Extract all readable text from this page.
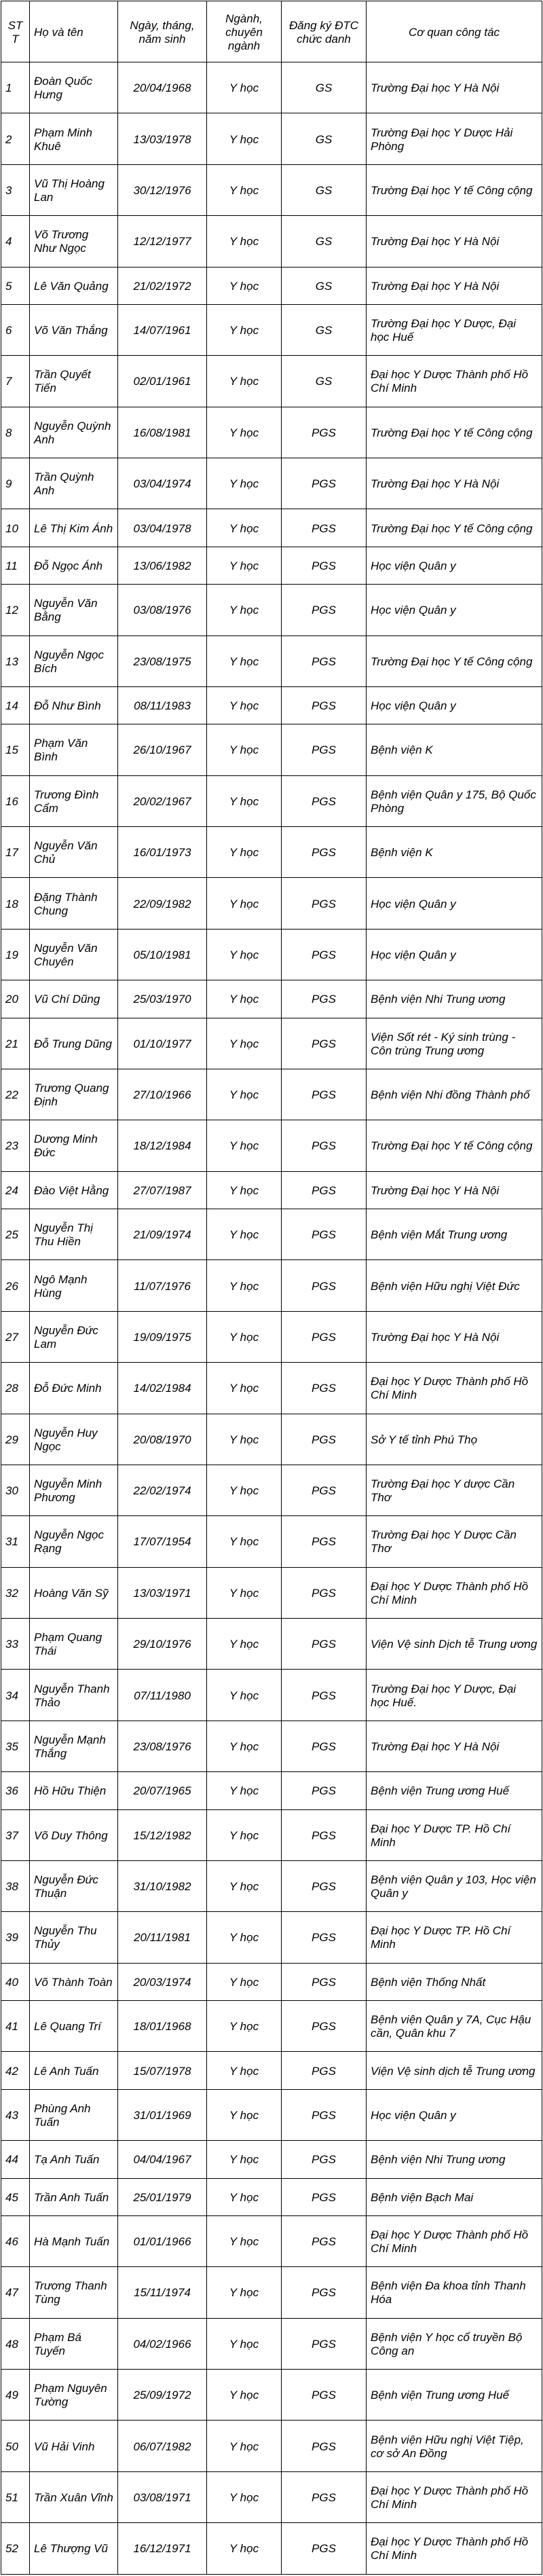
STT	Họ và tên	Ngày, tháng, năm sinh	Ngành, chuyên ngành	Đăng ký ĐTC chức danh	Cơ quan công tác
1	Đoàn Quốc Hưng	20/04/1968	Y học	GS	Trường Đại học Y Hà Nội
2	Phạm Minh Khuê	13/03/1978	Y học	GS	Trường Đại học Y Dược Hải Phòng
3	Vũ Thị Hoàng Lan	30/12/1976	Y học	GS	Trường Đại học Y tế Công cộng
4	Võ Trương Như Ngọc	12/12/1977	Y học	GS	Trường Đại học Y Hà Nội
5	Lê Văn Quảng	21/02/1972	Y học	GS	Trường Đại học Y Hà Nội
6	Võ Văn Thắng	14/07/1961	Y học	GS	Trường Đại học Y Dược, Đại học Huế
7	Trần Quyết Tiến	02/01/1961	Y học	GS	Đại học Y Dược Thành phố Hồ Chí Minh
8	Nguyễn Quỳnh Anh	16/08/1981	Y học	PGS	Trường Đại học Y tế Công cộng
9	Trần Quỳnh Anh	03/04/1974	Y học	PGS	Trường Đại học Y Hà Nội
10	Lê Thị Kim Ánh	03/04/1978	Y học	PGS	Trường Đại học Y tế Công cộng
11	Đỗ Ngọc Ánh	13/06/1982	Y học	PGS	Học viện Quân y
12	Nguyễn Văn Bằng	03/08/1976	Y học	PGS	Học viện Quân y
13	Nguyễn Ngọc Bích	23/08/1975	Y học	PGS	Trường Đại học Y tế Công cộng
14	Đỗ Như Bình	08/11/1983	Y học	PGS	Học viện Quân y
15	Phạm Văn Bình	26/10/1967	Y học	PGS	Bệnh viện K
16	Trương Đình Cẩm	20/02/1967	Y học	PGS	Bệnh viện Quân y 175, Bộ Quốc Phòng
17	Nguyễn Văn Chủ	16/01/1973	Y học	PGS	Bệnh viện K
18	Đặng Thành Chung	22/09/1982	Y học	PGS	Học viện Quân y
19	Nguyễn Văn Chuyên	05/10/1981	Y học	PGS	Học viện Quân y
20	Vũ Chí Dũng	25/03/1970	Y học	PGS	Bệnh viện Nhi Trung ương
21	Đỗ Trung Dũng	01/10/1977	Y học	PGS	Viện Sốt rét - Ký sinh trùng - Côn trùng Trung ương
22	Trương Quang Định	27/10/1966	Y học	PGS	Bệnh viện Nhi đồng Thành phố
23	Dương Minh Đức	18/12/1984	Y học	PGS	Trường Đại học Y tế Công cộng
24	Đào Việt Hằng	27/07/1987	Y học	PGS	Trường Đại học Y Hà Nội
25	Nguyễn Thị Thu Hiền	21/09/1974	Y học	PGS	Bệnh viện Mắt Trung ương
26	Ngô Mạnh Hùng	11/07/1976	Y học	PGS	Bệnh viện Hữu nghị Việt Đức
27	Nguyễn Đức Lam	19/09/1975	Y học	PGS	Trường Đại học Y Hà Nội
28	Đỗ Đức Minh	14/02/1984	Y học	PGS	Đại học Y Dược Thành phố Hồ Chí Minh
29	Nguyễn Huy Ngọc	20/08/1970	Y học	PGS	Sở Y tế tỉnh Phú Thọ
30	Nguyễn Minh Phương	22/02/1974	Y học	PGS	Trường Đại học Y dược Cần Thơ
31	Nguyễn Ngọc Rạng	17/07/1954	Y học	PGS	Trường Đại học Y Dược Cần Thơ
32	Hoàng Văn Sỹ	13/03/1971	Y học	PGS	Đại học Y Dược Thành phố Hồ Chí Minh
33	Phạm Quang Thái	29/10/1976	Y học	PGS	Viện Vệ sinh Dịch tễ Trung ương
34	Nguyễn Thanh Thảo	07/11/1980	Y học	PGS	Trường Đại học Y Dược, Đại học Huế.
35	Nguyễn Mạnh Thắng	23/08/1976	Y học	PGS	Trường Đại học Y Hà Nội
36	Hồ Hữu Thiện	20/07/1965	Y học	PGS	Bệnh viện Trung ương Huế
37	Võ Duy Thông	15/12/1982	Y học	PGS	Đại học Y Dược TP. Hồ Chí Minh
38	Nguyễn Đức Thuận	31/10/1982	Y học	PGS	Bệnh viện Quân y 103, Học viện Quân y
39	Nguyễn Thu Thủy	20/11/1981	Y học	PGS	Đại học Y Dược TP. Hồ Chí Minh
40	Võ Thành Toàn	20/03/1974	Y học	PGS	Bệnh viện Thống Nhất
41	Lê Quang Trí	18/01/1968	Y học	PGS	Bệnh viện Quân y 7A, Cục Hậu cần, Quân khu 7
42	Lê Anh Tuấn	15/07/1978	Y học	PGS	Viện Vệ sinh dịch tễ Trung ương
43	Phùng Anh Tuấn	31/01/1969	Y học	PGS	Học viện Quân y
44	Tạ Anh Tuấn	04/04/1967	Y học	PGS	Bệnh viện Nhi Trung ương
45	Trần Anh Tuấn	25/01/1979	Y học	PGS	Bệnh viện Bạch Mai
46	Hà Mạnh Tuấn	01/01/1966	Y học	PGS	Đại học Y Dược Thành phố Hồ Chí Minh
47	Trương Thanh Tùng	15/11/1974	Y học	PGS	Bệnh viện Đa khoa tỉnh Thanh Hóa
48	Phạm Bá Tuyến	04/02/1966	Y học	PGS	Bệnh viện Y học cổ truyền Bộ Công an
49	Phạm Nguyên Tường	25/09/1972	Y học	PGS	Bệnh viện Trung ương Huế
50	Vũ Hải Vinh	06/07/1982	Y học	PGS	Bệnh viện Hữu nghị Việt Tiệp, cơ sở An Đồng
51	Trần Xuân Vĩnh	03/08/1971	Y học	PGS	Đại học Y Dược Thành phố Hồ Chí Minh
52	Lê Thượng Vũ	16/12/1971	Y học	PGS	Đại học Y Dược Thành phố Hồ Chí Minh
